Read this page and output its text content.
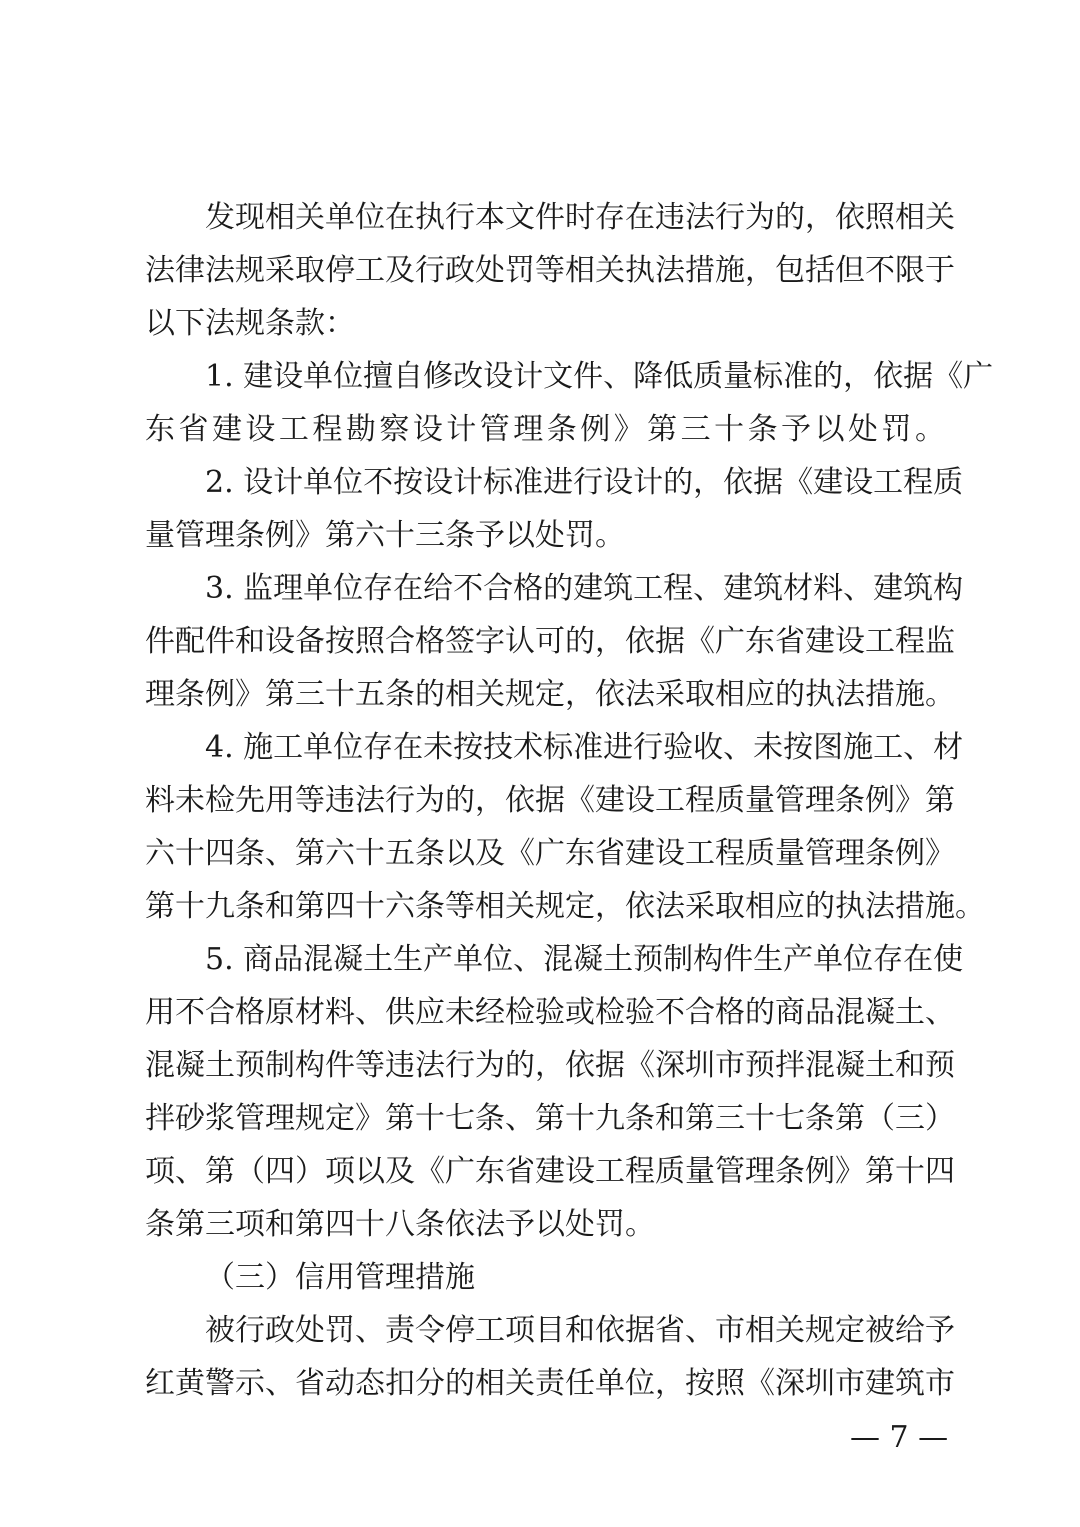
发现相关单位在执行本文件时存在违法行为的，依照相关
法律法规采取停工及行政处罚等相关执法措施，包括但不限于
以下法规条款：
1. 建设单位擅自修改设计文件、降低质量标准的，依据《广
东省建设工程勘察设计管理条例》第三十条予以处罚。
2. 设计单位不按设计标准进行设计的，依据《建设工程质
量管理条例》第六十三条予以处罚。
3. 监理单位存在给不合格的建筑工程、建筑材料、建筑构
件配件和设备按照合格签字认可的，依据《广东省建设工程监
理条例》第三十五条的相关规定，依法采取相应的执法措施。
4. 施工单位存在未按技术标准进行验收、未按图施工、材
料未检先用等违法行为的，依据《建设工程质量管理条例》第
六十四条、第六十五条以及《广东省建设工程质量管理条例》
第十九条和第四十六条等相关规定，依法采取相应的执法措施。
5. 商品混凝土生产单位、混凝土预制构件生产单位存在使
用不合格原材料、供应未经检验或检验不合格的商品混凝土、
混凝土预制构件等违法行为的，依据《深圳市预拌混凝土和预
拌砂浆管理规定》第十七条、第十九条和第三十七条第（三）
项、第（四）项以及《广东省建设工程质量管理条例》第十四
条第三项和第四十八条依法予以处罚。
（三）信用管理措施
被行政处罚、责令停工项目和依据省、市相关规定被给予
红黄警示、省动态扣分的相关责任单位，按照《深圳市建筑市
— 7 —
